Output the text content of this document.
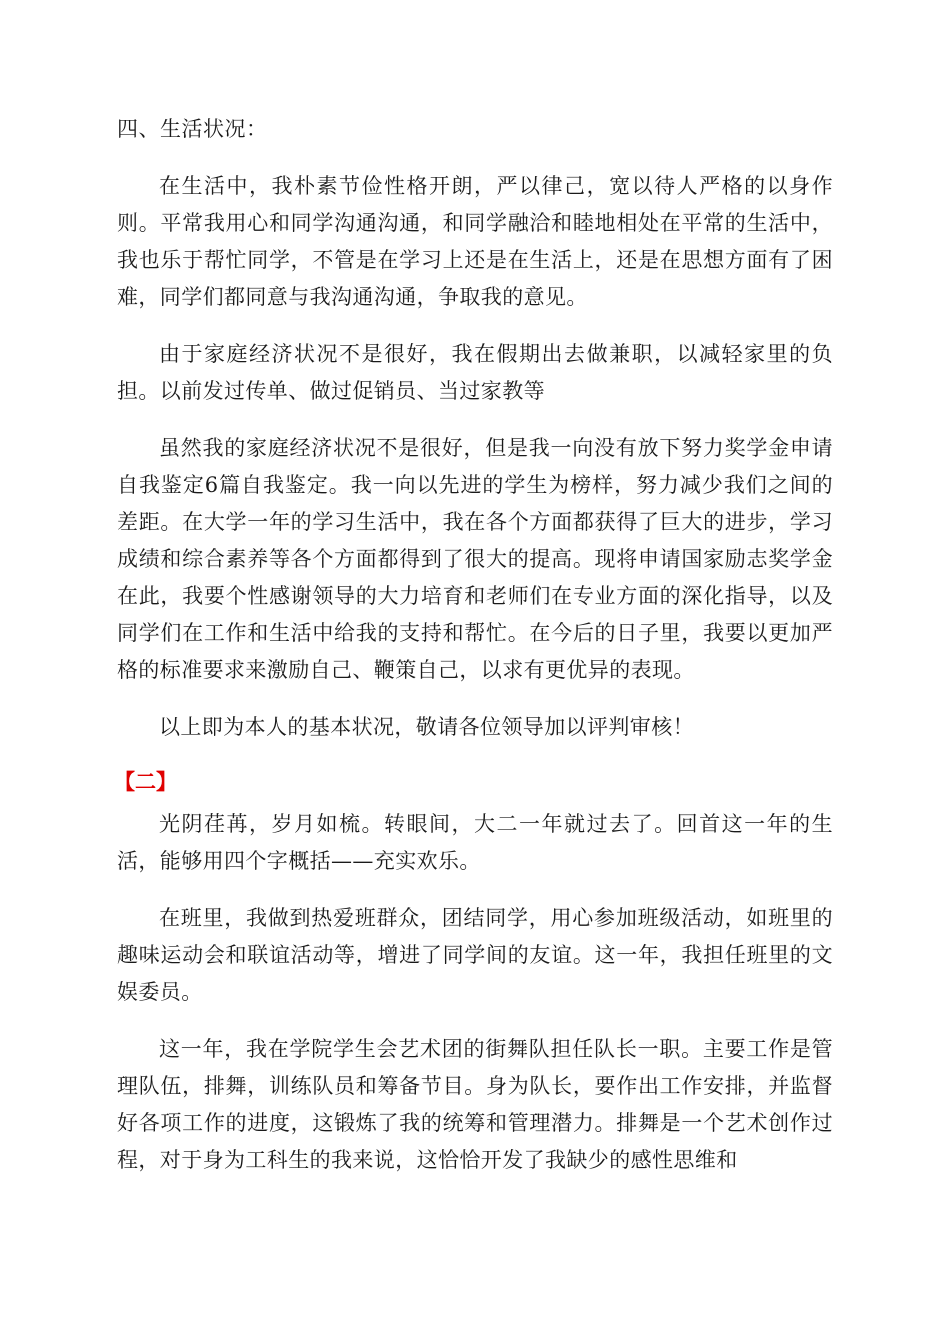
四、生活状况：

在生活中，我朴素节俭性格开朗，严以律己，宽以待人严格的以身作则。平常我用心和同学沟通沟通，和同学融洽和睦地相处在平常的生活中，我也乐于帮忙同学，不管是在学习上还是在生活上，还是在思想方面有了困难，同学们都同意与我沟通沟通，争取我的意见。

由于家庭经济状况不是很好，我在假期出去做兼职，以减轻家里的负担。以前发过传单、做过促销员、当过家教等

虽然我的家庭经济状况不是很好，但是我一向没有放下努力奖学金申请自我鉴定6篇自我鉴定。我一向以先进的学生为榜样，努力减少我们之间的差距。在大学一年的学习生活中，我在各个方面都获得了巨大的进步，学习成绩和综合素养等各个方面都得到了很大的提高。现将申请国家励志奖学金在此，我要个性感谢领导的大力培育和老师们在专业方面的深化指导，以及同学们在工作和生活中给我的支持和帮忙。在今后的日子里，我要以更加严格的标准要求来激励自己、鞭策自己，以求有更优异的表现。

以上即为本人的基本状况，敬请各位领导加以评判审核！

【二】

光阴荏苒，岁月如梳。转眼间，大二一年就过去了。回首这一年的生活，能够用四个字概括——充实欢乐。

在班里，我做到热爱班群众，团结同学，用心参加班级活动，如班里的趣味运动会和联谊活动等，增进了同学间的友谊。这一年，我担任班里的文娱委员。

这一年，我在学院学生会艺术团的街舞队担任队长一职。主要工作是管理队伍，排舞，训练队员和筹备节目。身为队长，要作出工作安排，并监督好各项工作的进度，这锻炼了我的统筹和管理潜力。排舞是一个艺术创作过程，对于身为工科生的我来说，这恰恰开发了我缺少的感性思维和
